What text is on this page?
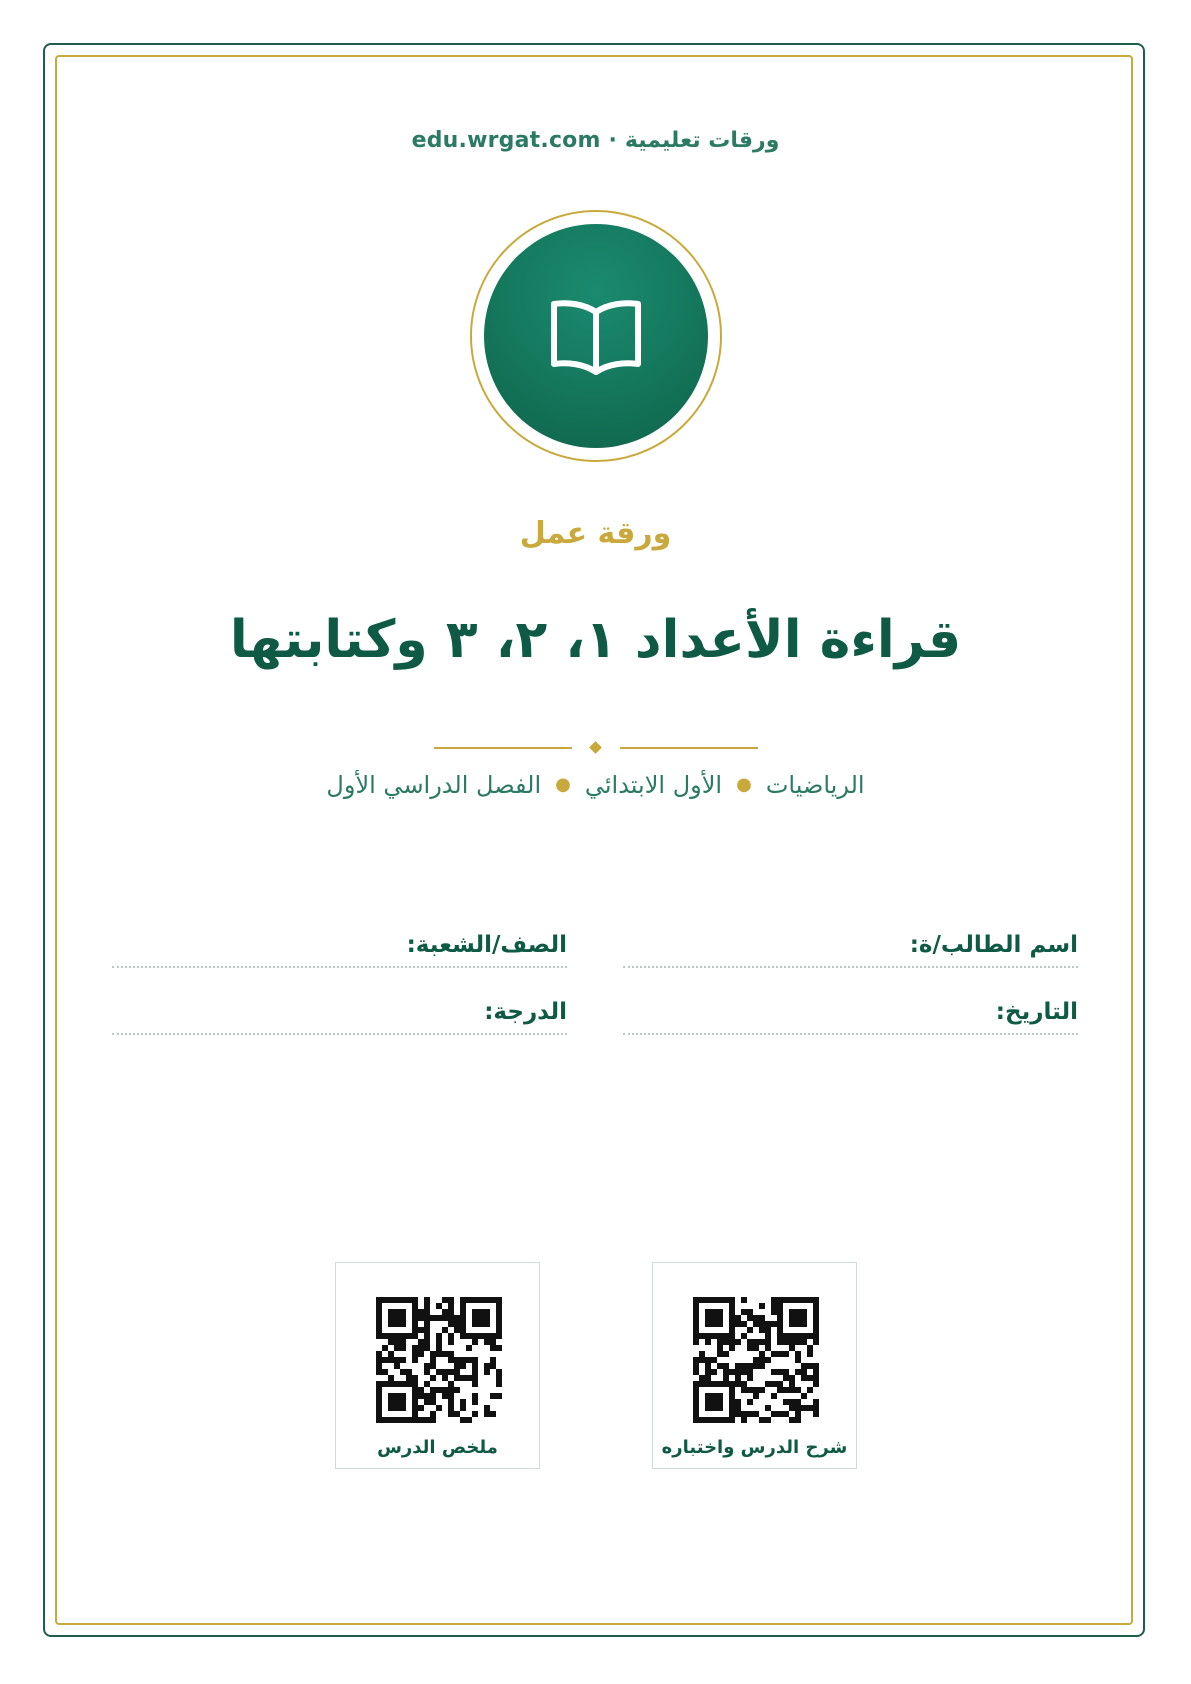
ورقات تعليمية · edu.wrgat.com
ورقة عمل
قراءة الأعداد ١، ٢، ٣ وكتابتها
الرياضيات●الأول الابتدائي●الفصل الدراسي الأول
اسم الطالب/ة:
الصف/الشعبة:
التاريخ:
الدرجة:
شرح الدرس واختباره
ملخص الدرس
